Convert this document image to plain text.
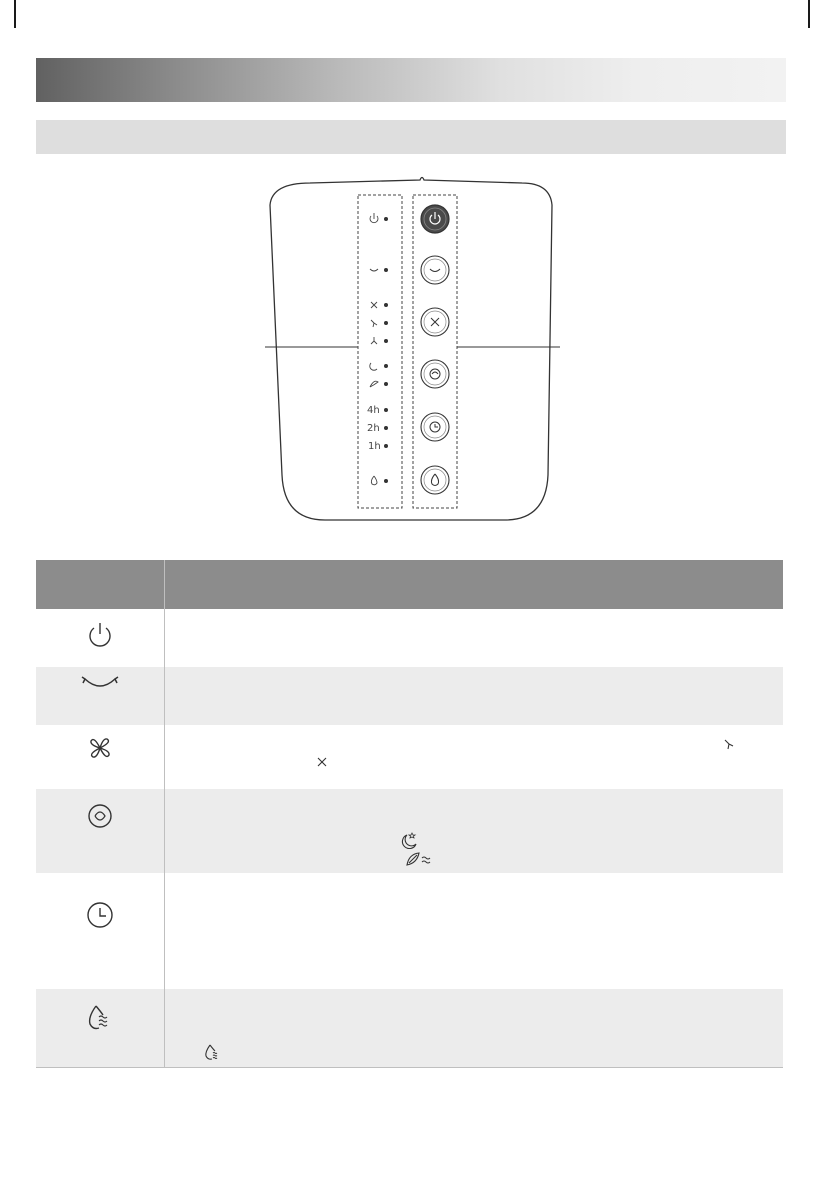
4h
2h
1h
